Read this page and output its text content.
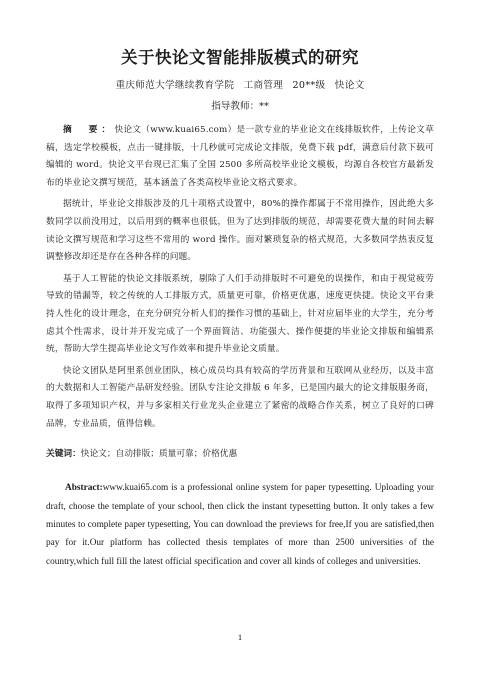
关于快论文智能排版模式的研究
重庆师范大学继续教育学院 工商管理 20**级 快论文
指导教师：**

摘　要：快论文（www.kuai65.com）是一款专业的毕业论文在线排版软件，上传论文草稿，选定学校模板，点击一键排版，十几秒就可完成论文排版，免费下载 pdf，满意后付款下载可编辑的 word。快论文平台现已汇集了全国 2500 多所高校毕业论文模板，均源自各校官方最新发布的毕业论文撰写规范，基本涵盖了各类高校毕业论文格式要求。

据统计，毕业论文排版涉及的几十项格式设置中，80%的操作都属于不常用操作，因此绝大多数同学以前没用过，以后用到的概率也很低，但为了达到排版的规范，却需要花费大量的时间去解读论文撰写规范和学习这些不常用的 word 操作。面对繁琐复杂的格式规范，大多数同学热衷反复调整修改却还是存在各种各样的问题。

基于人工智能的快论文排版系统，剔除了人们手动排版时不可避免的误操作，和由于视觉疲劳导致的错漏等，较之传统的人工排版方式，质量更可靠，价格更优惠，速度更快捷。快论文平台秉持人性化的设计理念，在充分研究分析人们的操作习惯的基础上，针对应届毕业的大学生，充分考虑其个性需求，设计并开发完成了一个界面简洁、功能强大、操作便捷的毕业论文排版和编辑系统，帮助大学生提高毕业论文写作效率和提升毕业论文质量。

快论文团队是阿里系创业团队，核心成员均具有较高的学历背景和互联网从业经历，以及丰富的大数据和人工智能产品研发经验。团队专注论文排版 6 年多，已是国内最大的论文排版服务商，取得了多项知识产权，并与多家相关行业龙头企业建立了紧密的战略合作关系，树立了良好的口碑品牌，专业品质，值得信赖。

关键词：快论文；自动排版；质量可靠；价格优惠

Abstract:www.kuai65.com is a professional online system for paper typesetting. Uploading your draft, choose the template of your school, then click the instant typesetting button. It only takes a few minutes to complete paper typesetting, You can download the previews for free,If you are satisfied,then pay for it.Our platform has collected thesis templates of more than 2500 universities of the country,which full fill the latest official specification and cover all kinds of colleges and universities.

1
